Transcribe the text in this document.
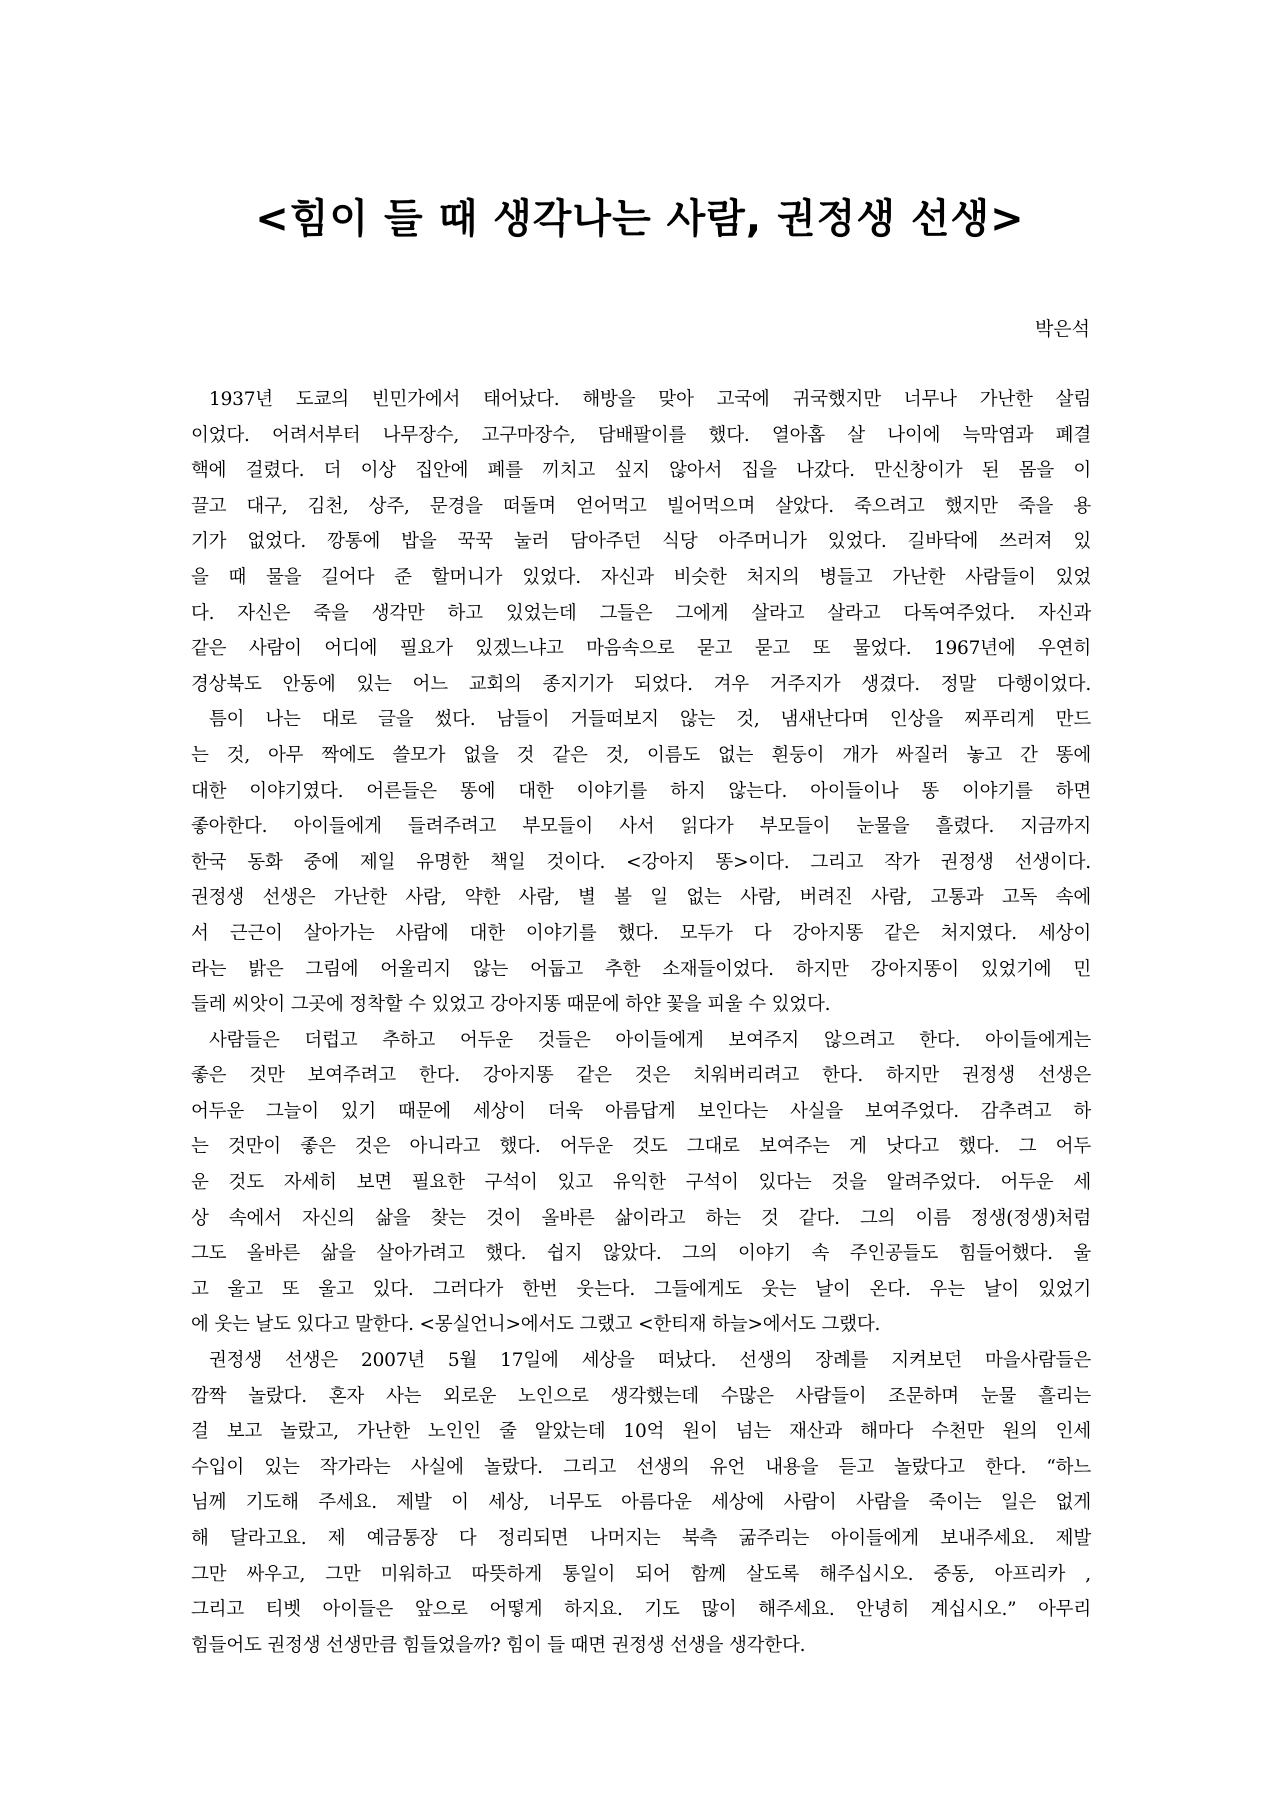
<힘이 들 때 생각나는 사람, 권정생 선생>
박은석
1937년 도쿄의 빈민가에서 태어났다. 해방을 맞아 고국에 귀국했지만 너무나 가난한 살림
이었다. 어려서부터 나무장수, 고구마장수, 담배팔이를 했다. 열아홉 살 나이에 늑막염과 폐결
핵에 걸렸다. 더 이상 집안에 폐를 끼치고 싶지 않아서 집을 나갔다. 만신창이가 된 몸을 이
끌고 대구, 김천, 상주, 문경을 떠돌며 얻어먹고 빌어먹으며 살았다. 죽으려고 했지만 죽을 용
기가 없었다. 깡통에 밥을 꾹꾹 눌러 담아주던 식당 아주머니가 있었다. 길바닥에 쓰러져 있
을 때 물을 길어다 준 할머니가 있었다. 자신과 비슷한 처지의 병들고 가난한 사람들이 있었
다. 자신은 죽을 생각만 하고 있었는데 그들은 그에게 살라고 살라고 다독여주었다. 자신과
같은 사람이 어디에 필요가 있겠느냐고 마음속으로 묻고 묻고 또 물었다. 1967년에 우연히
경상북도 안동에 있는 어느 교회의 종지기가 되었다. 겨우 거주지가 생겼다. 정말 다행이었다.
틈이 나는 대로 글을 썼다. 남들이 거들떠보지 않는 것, 냄새난다며 인상을 찌푸리게 만드
는 것, 아무 짝에도 쓸모가 없을 것 같은 것, 이름도 없는 흰둥이 개가 싸질러 놓고 간 똥에
대한 이야기였다. 어른들은 똥에 대한 이야기를 하지 않는다. 아이들이나 똥 이야기를 하면
좋아한다. 아이들에게 들려주려고 부모들이 사서 읽다가 부모들이 눈물을 흘렸다. 지금까지
한국 동화 중에 제일 유명한 책일 것이다. <강아지 똥>이다. 그리고 작가 권정생 선생이다.
권정생 선생은 가난한 사람, 약한 사람, 별 볼 일 없는 사람, 버려진 사람, 고통과 고독 속에
서 근근이 살아가는 사람에 대한 이야기를 했다. 모두가 다 강아지똥 같은 처지였다. 세상이
라는 밝은 그림에 어울리지 않는 어둡고 추한 소재들이었다. 하지만 강아지똥이 있었기에 민
들레 씨앗이 그곳에 정착할 수 있었고 강아지똥 때문에 하얀 꽃을 피울 수 있었다.
사람들은 더럽고 추하고 어두운 것들은 아이들에게 보여주지 않으려고 한다. 아이들에게는
좋은 것만 보여주려고 한다. 강아지똥 같은 것은 치워버리려고 한다. 하지만 권정생 선생은
어두운 그늘이 있기 때문에 세상이 더욱 아름답게 보인다는 사실을 보여주었다. 감추려고 하
는 것만이 좋은 것은 아니라고 했다. 어두운 것도 그대로 보여주는 게 낫다고 했다. 그 어두
운 것도 자세히 보면 필요한 구석이 있고 유익한 구석이 있다는 것을 알려주었다. 어두운 세
상 속에서 자신의 삶을 찾는 것이 올바른 삶이라고 하는 것 같다. 그의 이름 정생(정생)처럼
그도 올바른 삶을 살아가려고 했다. 쉽지 않았다. 그의 이야기 속 주인공들도 힘들어했다. 울
고 울고 또 울고 있다. 그러다가 한번 웃는다. 그들에게도 웃는 날이 온다. 우는 날이 있었기
에 웃는 날도 있다고 말한다. <몽실언니>에서도 그랬고 <한티재 하늘>에서도 그랬다.
권정생 선생은 2007년 5월 17일에 세상을 떠났다. 선생의 장례를 지켜보던 마을사람들은
깜짝 놀랐다. 혼자 사는 외로운 노인으로 생각했는데 수많은 사람들이 조문하며 눈물 흘리는
걸 보고 놀랐고, 가난한 노인인 줄 알았는데 10억 원이 넘는 재산과 해마다 수천만 원의 인세
수입이 있는 작가라는 사실에 놀랐다. 그리고 선생의 유언 내용을 듣고 놀랐다고 한다. “하느
님께 기도해 주세요. 제발 이 세상, 너무도 아름다운 세상에 사람이 사람을 죽이는 일은 없게
해 달라고요. 제 예금통장 다 정리되면 나머지는 북측 굶주리는 아이들에게 보내주세요. 제발
그만 싸우고, 그만 미워하고 따뜻하게 통일이 되어 함께 살도록 해주십시오. 중동, 아프리카 ,
그리고 티벳 아이들은 앞으로 어떻게 하지요. 기도 많이 해주세요. 안녕히 계십시오.” 아무리
힘들어도 권정생 선생만큼 힘들었을까? 힘이 들 때면 권정생 선생을 생각한다.
